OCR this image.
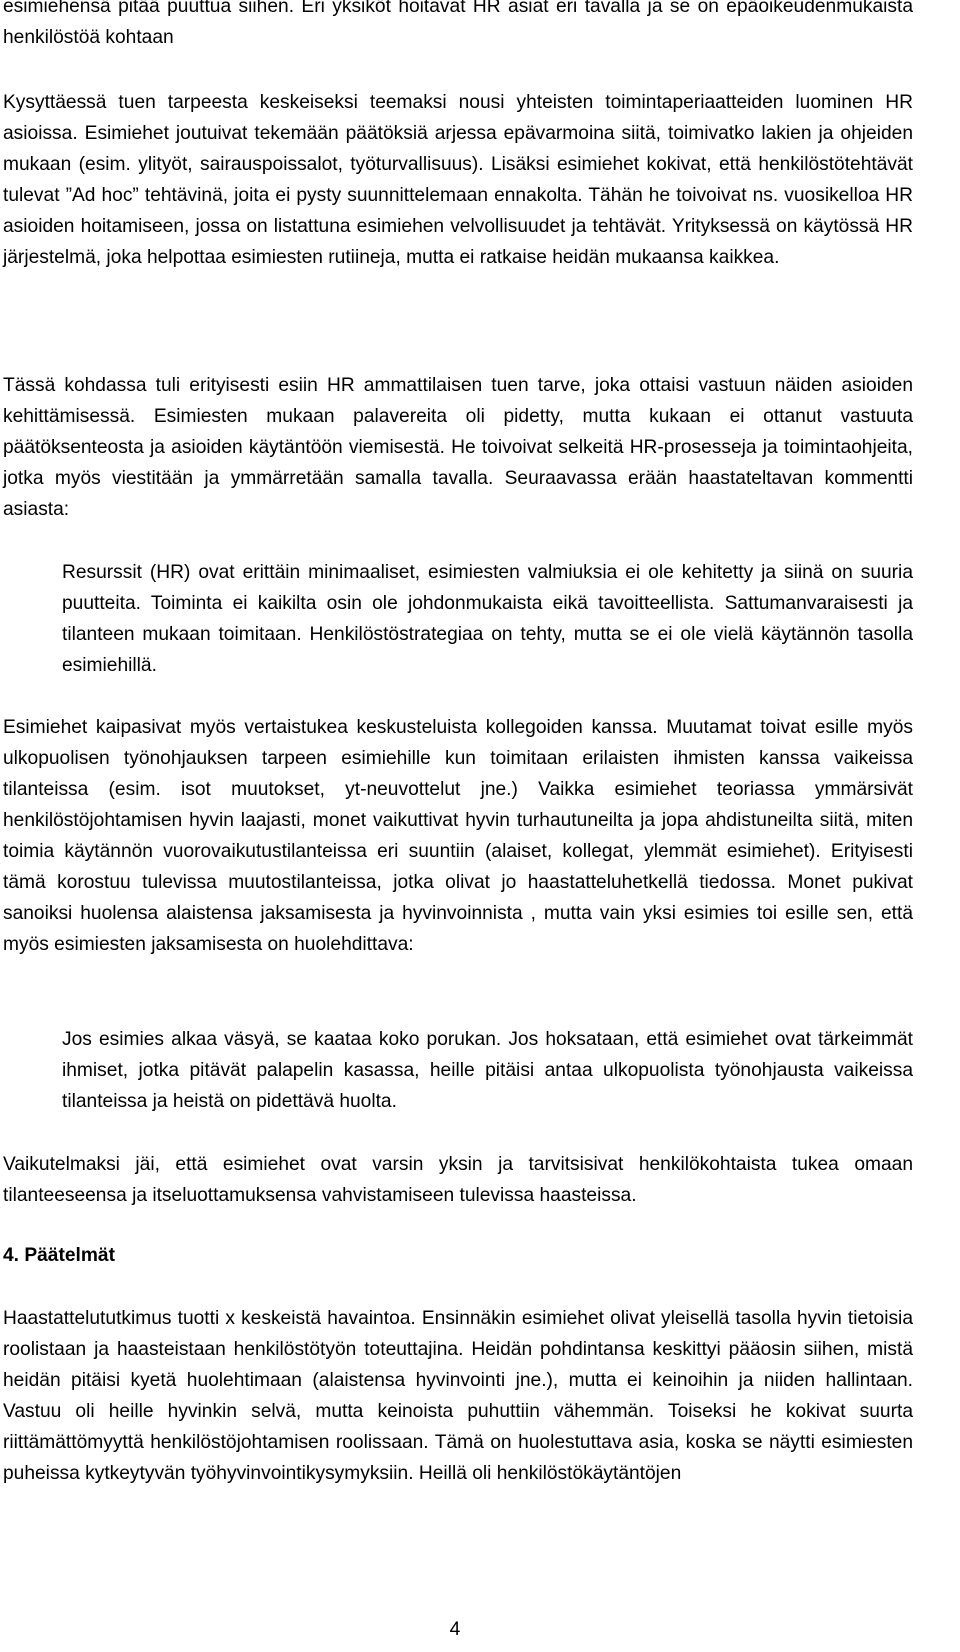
esimiehensä pitää puuttua siihen. Eri yksiköt hoitavat HR asiat eri tavalla ja se on epäoikeudenmukaista henkilöstöä kohtaan

Kysyttäessä tuen tarpeesta keskeiseksi teemaksi nousi yhteisten toimintaperiaatteiden luominen HR asioissa. Esimiehet joutuivat tekemään päätöksiä arjessa epävarmoina siitä, toimivatko lakien ja ohjeiden mukaan (esim. ylityöt, sairauspoissalot, työturvallisuus). Lisäksi esimiehet kokivat, että henkilöstötehtävät tulevat ”Ad hoc” tehtävinä, joita ei pysty suunnittelemaan ennakolta. Tähän he toivoivat ns. vuosikelloa HR asioiden hoitamiseen, jossa on listattuna esimiehen velvollisuudet ja tehtävät. Yrityksessä on käytössä HR järjestelmä, joka helpottaa esimiesten rutiineja, mutta ei ratkaise heidän mukaansa kaikkea.

Tässä kohdassa tuli erityisesti esiin HR ammattilaisen tuen tarve, joka ottaisi vastuun näiden asioiden kehittämisessä. Esimiesten mukaan palavereita oli pidetty, mutta kukaan ei ottanut vastuuta päätöksenteosta ja asioiden käytäntöön viemisestä. He toivoivat selkeitä HR-prosesseja ja toimintaohjeita, jotka myös viestitään ja ymmärretään samalla tavalla. Seuraavassa erään haastateltavan kommentti asiasta:

Resurssit (HR) ovat erittäin minimaaliset, esimiesten valmiuksia ei ole kehitetty ja siinä on suuria puutteita. Toiminta ei kaikilta osin ole johdonmukaista eikä tavoitteellista. Sattumanvaraisesti ja tilanteen mukaan toimitaan. Henkilöstöstrategiaa on tehty, mutta se ei ole vielä käytännön tasolla esimiehillä.

Esimiehet kaipasivat myös vertaistukea keskusteluista kollegoiden kanssa. Muutamat toivat esille myös ulkopuolisen työnohjauksen tarpeen esimiehille kun toimitaan erilaisten ihmisten kanssa vaikeissa tilanteissa (esim. isot muutokset, yt-neuvottelut jne.) Vaikka esimiehet teoriassa ymmärsivät henkilöstöjohtamisen hyvin laajasti, monet vaikuttivat hyvin turhautuneilta ja jopa ahdistuneilta siitä, miten toimia käytännön vuorovaikutustilanteissa eri suuntiin (alaiset, kollegat, ylemmät esimiehet). Erityisesti tämä korostuu tulevissa muutostilanteissa, jotka olivat jo haastatteluhetkellä tiedossa. Monet pukivat sanoiksi huolensa alaistensa jaksamisesta ja hyvinvoinnista , mutta vain yksi esimies toi esille sen, että myös esimiesten jaksamisesta on huolehdittava:

Jos esimies alkaa väsyä, se kaataa koko porukan. Jos hoksataan, että esimiehet ovat tärkeimmät ihmiset, jotka pitävät palapelin kasassa, heille pitäisi antaa ulkopuolista työnohjausta vaikeissa tilanteissa ja heistä on pidettävä huolta.

Vaikutelmaksi jäi, että esimiehet ovat varsin yksin ja tarvitsisivat henkilökohtaista tukea omaan tilanteeseensa ja itseluottamuksensa vahvistamiseen tulevissa haasteissa.

4. Päätelmät

Haastattelututkimus tuotti x keskeistä havaintoa. Ensinnäkin esimiehet olivat yleisellä tasolla hyvin tietoisia roolistaan ja haasteistaan henkilöstötyön toteuttajina. Heidän pohdintansa keskittyi pääosin siihen, mistä heidän pitäisi kyetä huolehtimaan (alaistensa hyvinvointi jne.), mutta ei keinoihin ja niiden hallintaan. Vastuu oli heille hyvinkin selvä, mutta keinoista puhuttiin vähemmän. Toiseksi he kokivat suurta riittämättömyyttä henkilöstöjohtamisen roolissaan. Tämä on huolestuttava asia, koska se näytti esimiesten puheissa kytkeytyvän työhyvinvointikysymyksiin. Heillä oli henkilöstökäytäntöjen

4
